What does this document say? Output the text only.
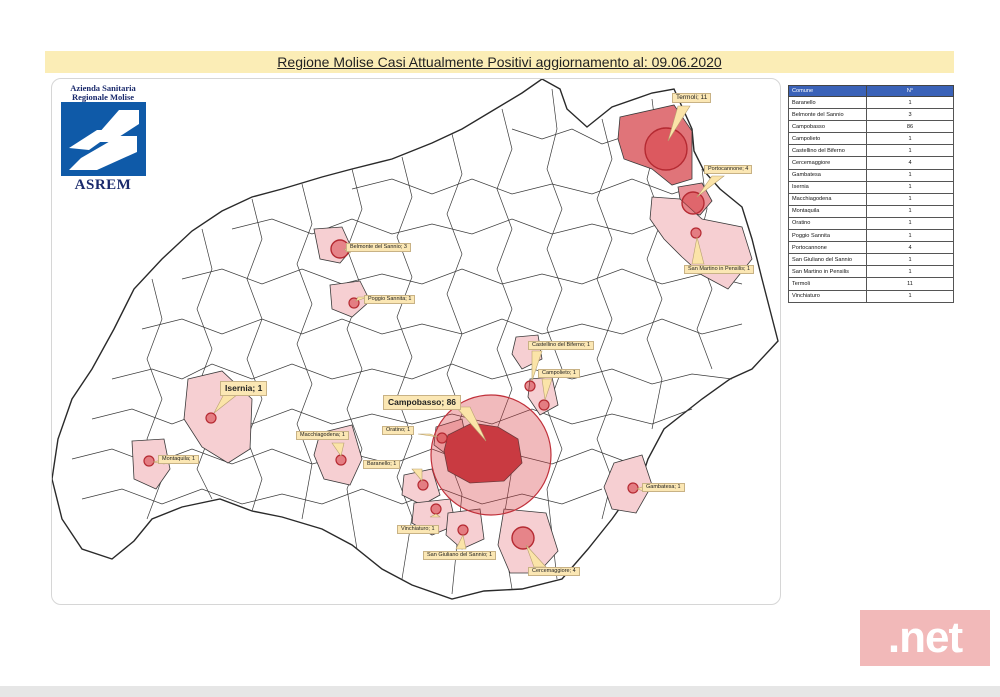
Regione Molise Casi Attualmente Positivi aggiornamento al: 09.06.2020
Termoli; 11
Portocannone; 4
San Martino in Pensilis; 1
Belmonte del Sannio; 3
Poggio Sannita; 1
Castellino del Biferno; 1
Campolieto; 1
Isernia; 1
Campobasso; 86
Oratino; 1
Macchiagodena; 1
Montaquila; 1
Baranello; 1
Gambatesa; 1
Vinchiaturo; 1
San Giuliano del Sannio; 1
Cercemaggiore; 4
Azienda Sanitaria
Regionale Molise
ASREM
Comune	N°
Baranello	1
Belmonte del Sannio	3
Campobasso	86
Campolieto	1
Castellino del Biferno	1
Cercemaggiore	4
Gambatesa	1
Isernia	1
Macchiagodena	1
Montaquila	1
Oratino	1
Poggio Sannita	1
Portocannone	4
San Giuliano del Sannio	1
San Martino in Pensilis	1
Termoli	11
Vinchiaturo	1
.net
